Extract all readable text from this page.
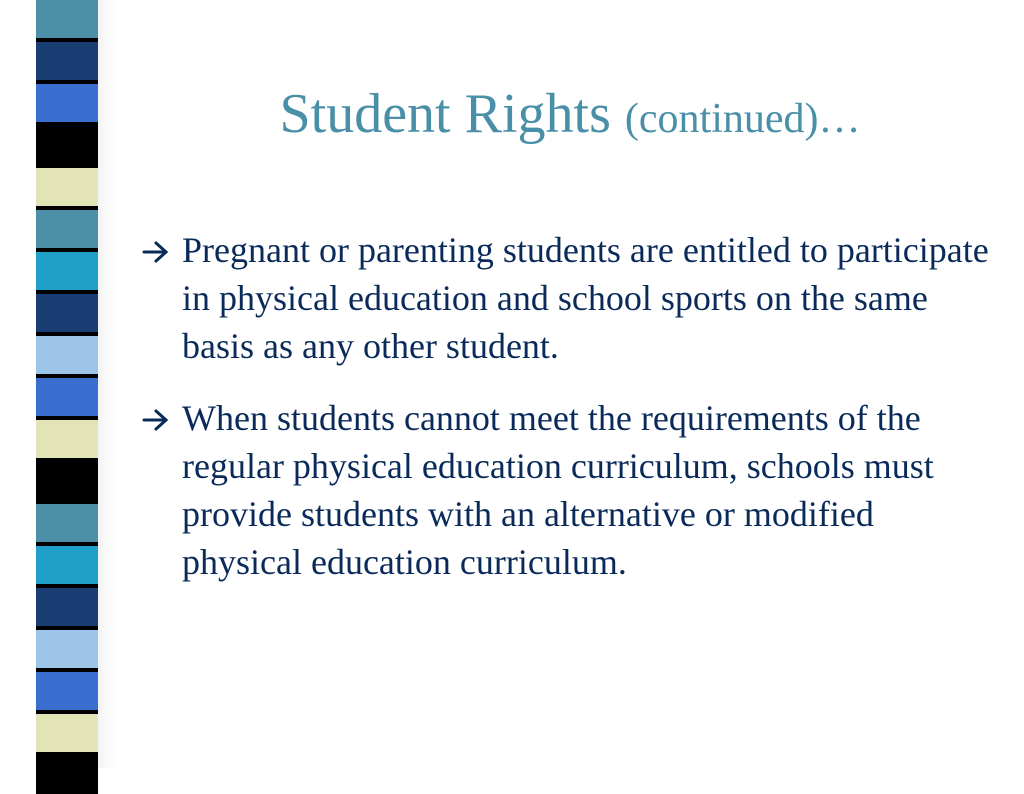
Student Rights (continued)…
Pregnant or parenting students are entitled to participate in physical education and school sports on the same basis as any other student.
When students cannot meet the requirements of the regular physical education curriculum, schools must provide students with an alternative or modified physical education curriculum.
